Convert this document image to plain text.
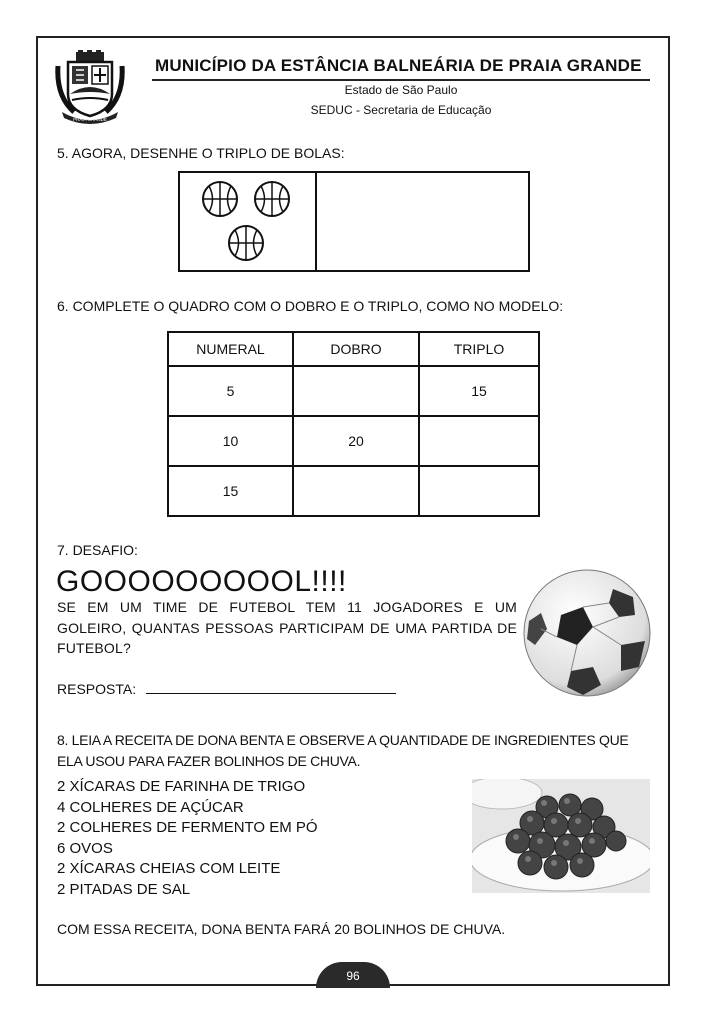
PRAIA GRANDE
MUNICÍPIO DA ESTÂNCIA BALNEÁRIA DE PRAIA GRANDE
Estado de São Paulo
SEDUC - Secretaria de Educação
5. AGORA, DESENHE O TRIPLO DE BOLAS:
6. COMPLETE O QUADRO COM O DOBRO E O TRIPLO, COMO NO MODELO:
NUMERAL	DOBRO	TRIPLO
5		15
10	20	
15		
7. DESAFIO:
GOOOOOOOOOL!!!!
SE EM UM TIME DE FUTEBOL TEM 11 JOGADORES E UM GOLEIRO, QUANTAS PESSOAS PARTICIPAM DE UMA PARTIDA DE FUTEBOL?
RESPOSTA:
8. LEIA A RECEITA DE DONA BENTA E OBSERVE A QUANTIDADE DE INGREDIENTES QUE ELA USOU PARA FAZER BOLINHOS DE CHUVA.
2 XÍCARAS DE FARINHA DE TRIGO
4 COLHERES DE AÇÚCAR
2 COLHERES DE FERMENTO EM PÓ
6 OVOS
2 XÍCARAS CHEIAS COM LEITE
2 PITADAS DE SAL
COM ESSA RECEITA, DONA BENTA FARÁ 20 BOLINHOS DE CHUVA.
96
